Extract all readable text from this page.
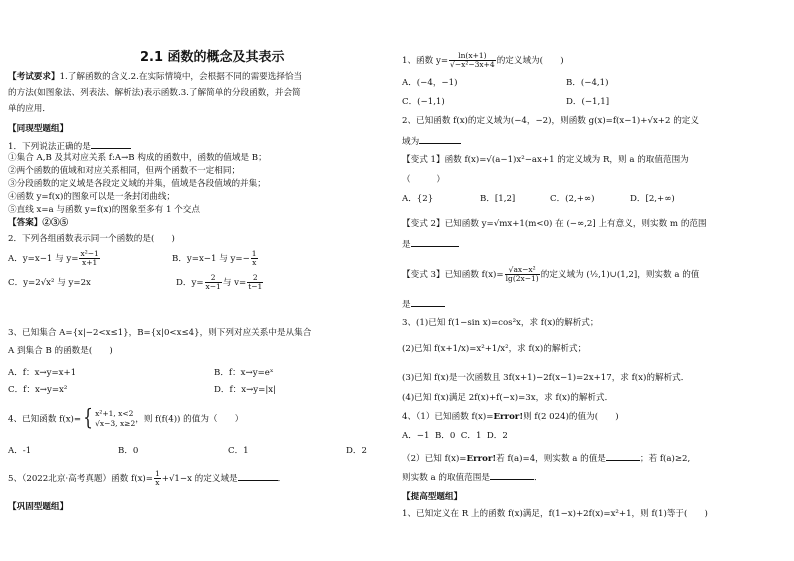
2.1 函数的概念及其表示
【考试要求】1.了解函数的含义.2.在实际情境中，会根据不同的需要选择恰当
的方法(如图象法、列表法、解析法)表示函数.3.了解简单的分段函数，并会简
单的应用．
【同现型题组】
1．下列说法正确的是
①集合 A,B 及其对应关系 f:A→B 构成的函数中，函数的值域是 B；
②两个函数的值域和对应关系相同，但两个函数不一定相同；
③分段函数的定义域是各段定义域的并集，值域是各段值域的并集；
④函数 y=f(x)的图象可以是一条封闭曲线；
⑤直线 x=a 与函数 y=f(x)的图象至多有 1 个交点
【答案】②③⑤
2．下列各组函数表示同一个函数的是(　　)
A．y=x−1 与 $y= \frac{\text{x²−1}}{x+1}$	B．y=x−1 与 $y=- \frac{1}{x}$
C．y=2√x² 与 y=2x	D．$y= \frac{2}{x-1}$ 与 $v= \frac{2}{t-1}$
3、已知集合 A={x|−2<x≤1}，B={x|0<x≤4}，则下列对应关系中是从集合
A 到集合 B 的函数是(　　)
A．f：x→y=x+1	B．f：x→y=eˣ
C．f：x→y=x²	D．f：x→y=|x|
4、已知函数 f(x)={ x²+1, x<2
√x−3, x≥2 ，则 f(f(4)) 的值为（　　）
A．-1	B．0	C．1	D．2
5、（2022北京·高考真题）函数 $f(x)= \frac{1}{x} +√1-x$ 的定义域是	．
【巩固型题组】
1、函数 $y= \frac{\ln(x+1)}{\text{√−x²−3x+4}}$ 的定义域为(　　)
A．(−4，−1)	B．(−4,1)
C．(−1,1)	D．(−1,1]
2、已知函数 f(x)的定义域为(−4，−2)，则函数 g(x)=f(x−1)+√x+2 的定义
域为
【变式 1】函数 f(x)=√(a−1)x²−ax+1 的定义域为 R，则 a 的取值范围为
（　　　）
A．{2}	B．[1,2]	C．(2,+∞)	D．[2,+∞)
【变式 2】已知函数 y=√mx+1(m<0) 在 (−∞,2] 上有意义，则实数 m 的范围
是
【变式 3】已知函数 $f(x)= \frac{\text{√ax−x²}}{\lg(2x-1)}$ 的定义域为 (½,1)∪(1,2]，则实数 a 的值
是
3、(1)已知 f(1−sin x)=cos²x，求 f(x)的解析式；
(2)已知 f(x+1/x)=x²+1/x²，求 f(x)的解析式；
(3)已知 f(x)是一次函数且 3f(x+1)−2f(x−1)=2x+17，求 f(x)的解析式．
(4)已知 f(x)满足 2f(x)+f(−x)=3x，求 f(x)的解析式．
4、（1）已知函数 f(x)=Error!则 f(2 024)的值为(　　)
A．−1 B．0 C．1 D．2
（2）已知 f(x)=Error!若 f(a)=4，则实数 a 的值是	；若 f(a)≥2,
则实数 a 的取值范围是	．
【提高型题组】
1、已知定义在 R 上的函数 f(x)满足，f(1−x)+2f(x)=x²+1，则 f(1)等于(　　)
